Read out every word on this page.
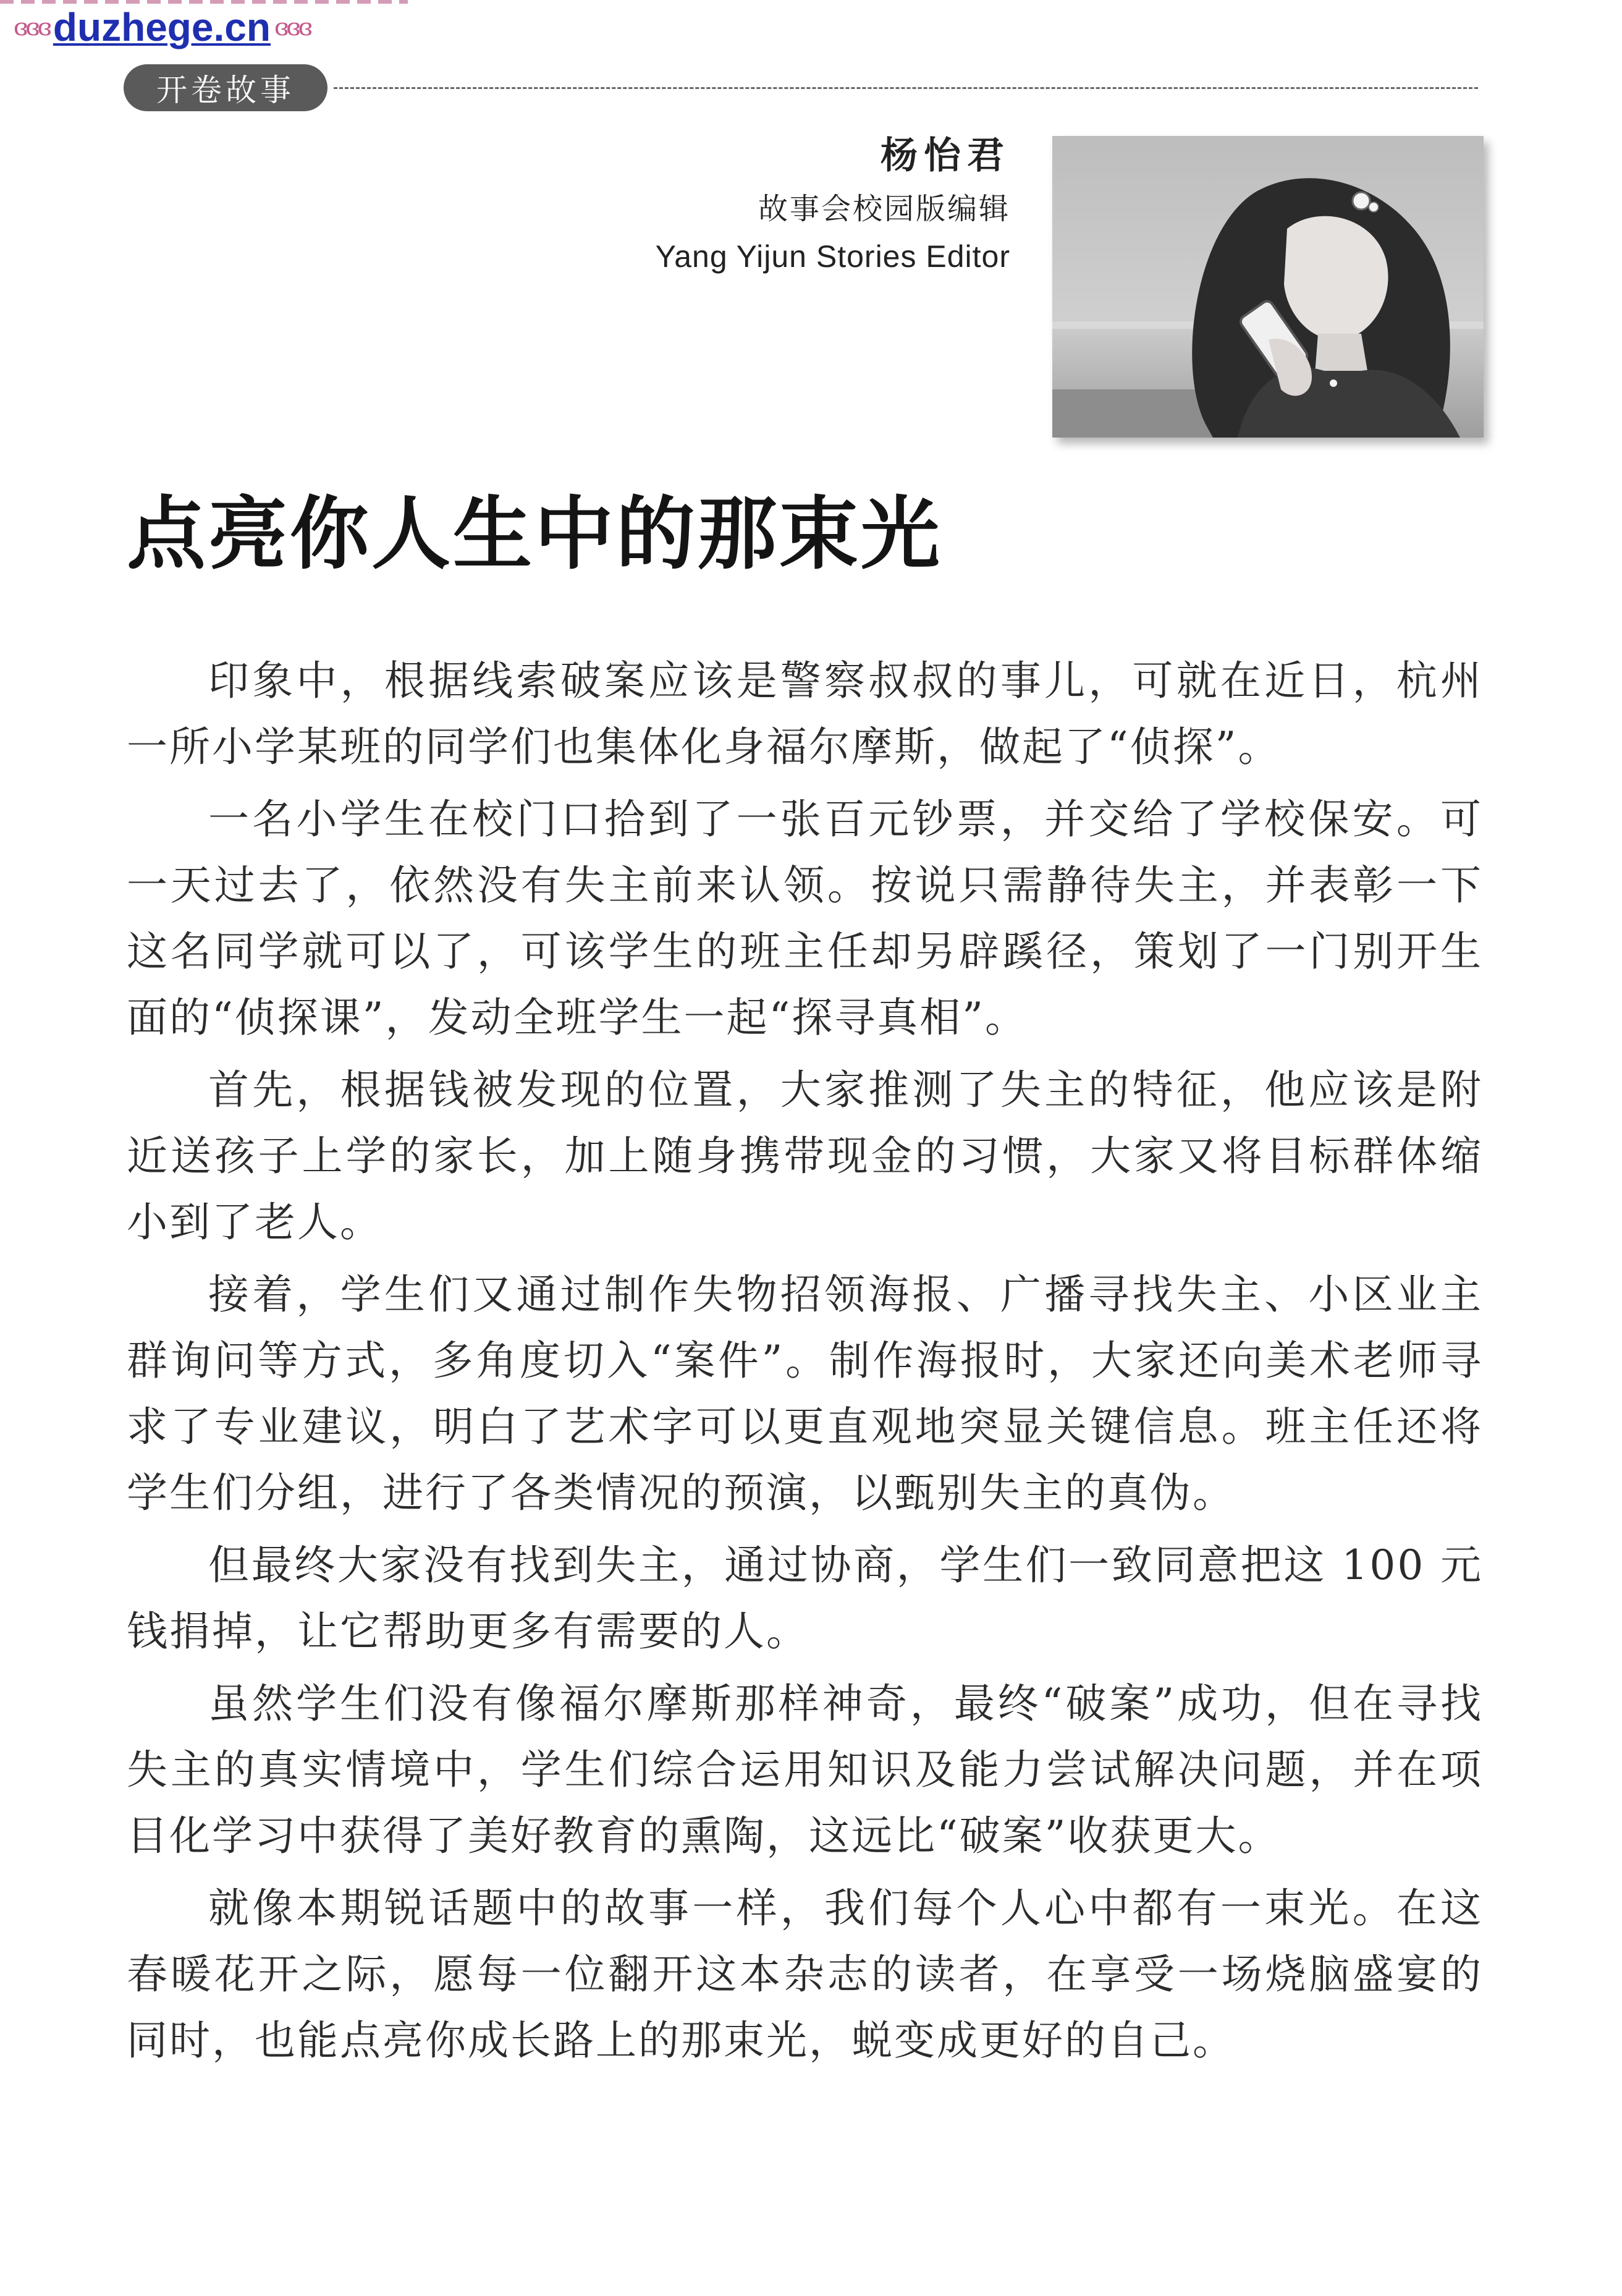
ɞɞɞ duzhege.cn ɞɞɞ
开卷故事
杨怡君
故事会校园版编辑
Yang Yijun Stories Editor
点亮你人生中的那束光

印象中，根据线索破案应该是警察叔叔的事儿，可就在近日，杭州一所小学某班的同学们也集体化身福尔摩斯，做起了“侦探”。

一名小学生在校门口拾到了一张百元钞票，并交给了学校保安。可一天过去了，依然没有失主前来认领。按说只需静待失主，并表彰一下这名同学就可以了，可该学生的班主任却另辟蹊径，策划了一门别开生面的“侦探课”，发动全班学生一起“探寻真相”。

首先，根据钱被发现的位置，大家推测了失主的特征，他应该是附近送孩子上学的家长，加上随身携带现金的习惯，大家又将目标群体缩小到了老人。

接着，学生们又通过制作失物招领海报、广播寻找失主、小区业主群询问等方式，多角度切入“案件”。制作海报时，大家还向美术老师寻求了专业建议，明白了艺术字可以更直观地突显关键信息。班主任还将学生们分组，进行了各类情况的预演，以甄别失主的真伪。

但最终大家没有找到失主，通过协商，学生们一致同意把这 100 元钱捐掉，让它帮助更多有需要的人。

虽然学生们没有像福尔摩斯那样神奇，最终“破案”成功，但在寻找失主的真实情境中，学生们综合运用知识及能力尝试解决问题，并在项目化学习中获得了美好教育的熏陶，这远比“破案”收获更大。

就像本期锐话题中的故事一样，我们每个人心中都有一束光。在这春暖花开之际，愿每一位翻开这本杂志的读者，在享受一场烧脑盛宴的同时，也能点亮你成长路上的那束光，蜕变成更好的自己。
